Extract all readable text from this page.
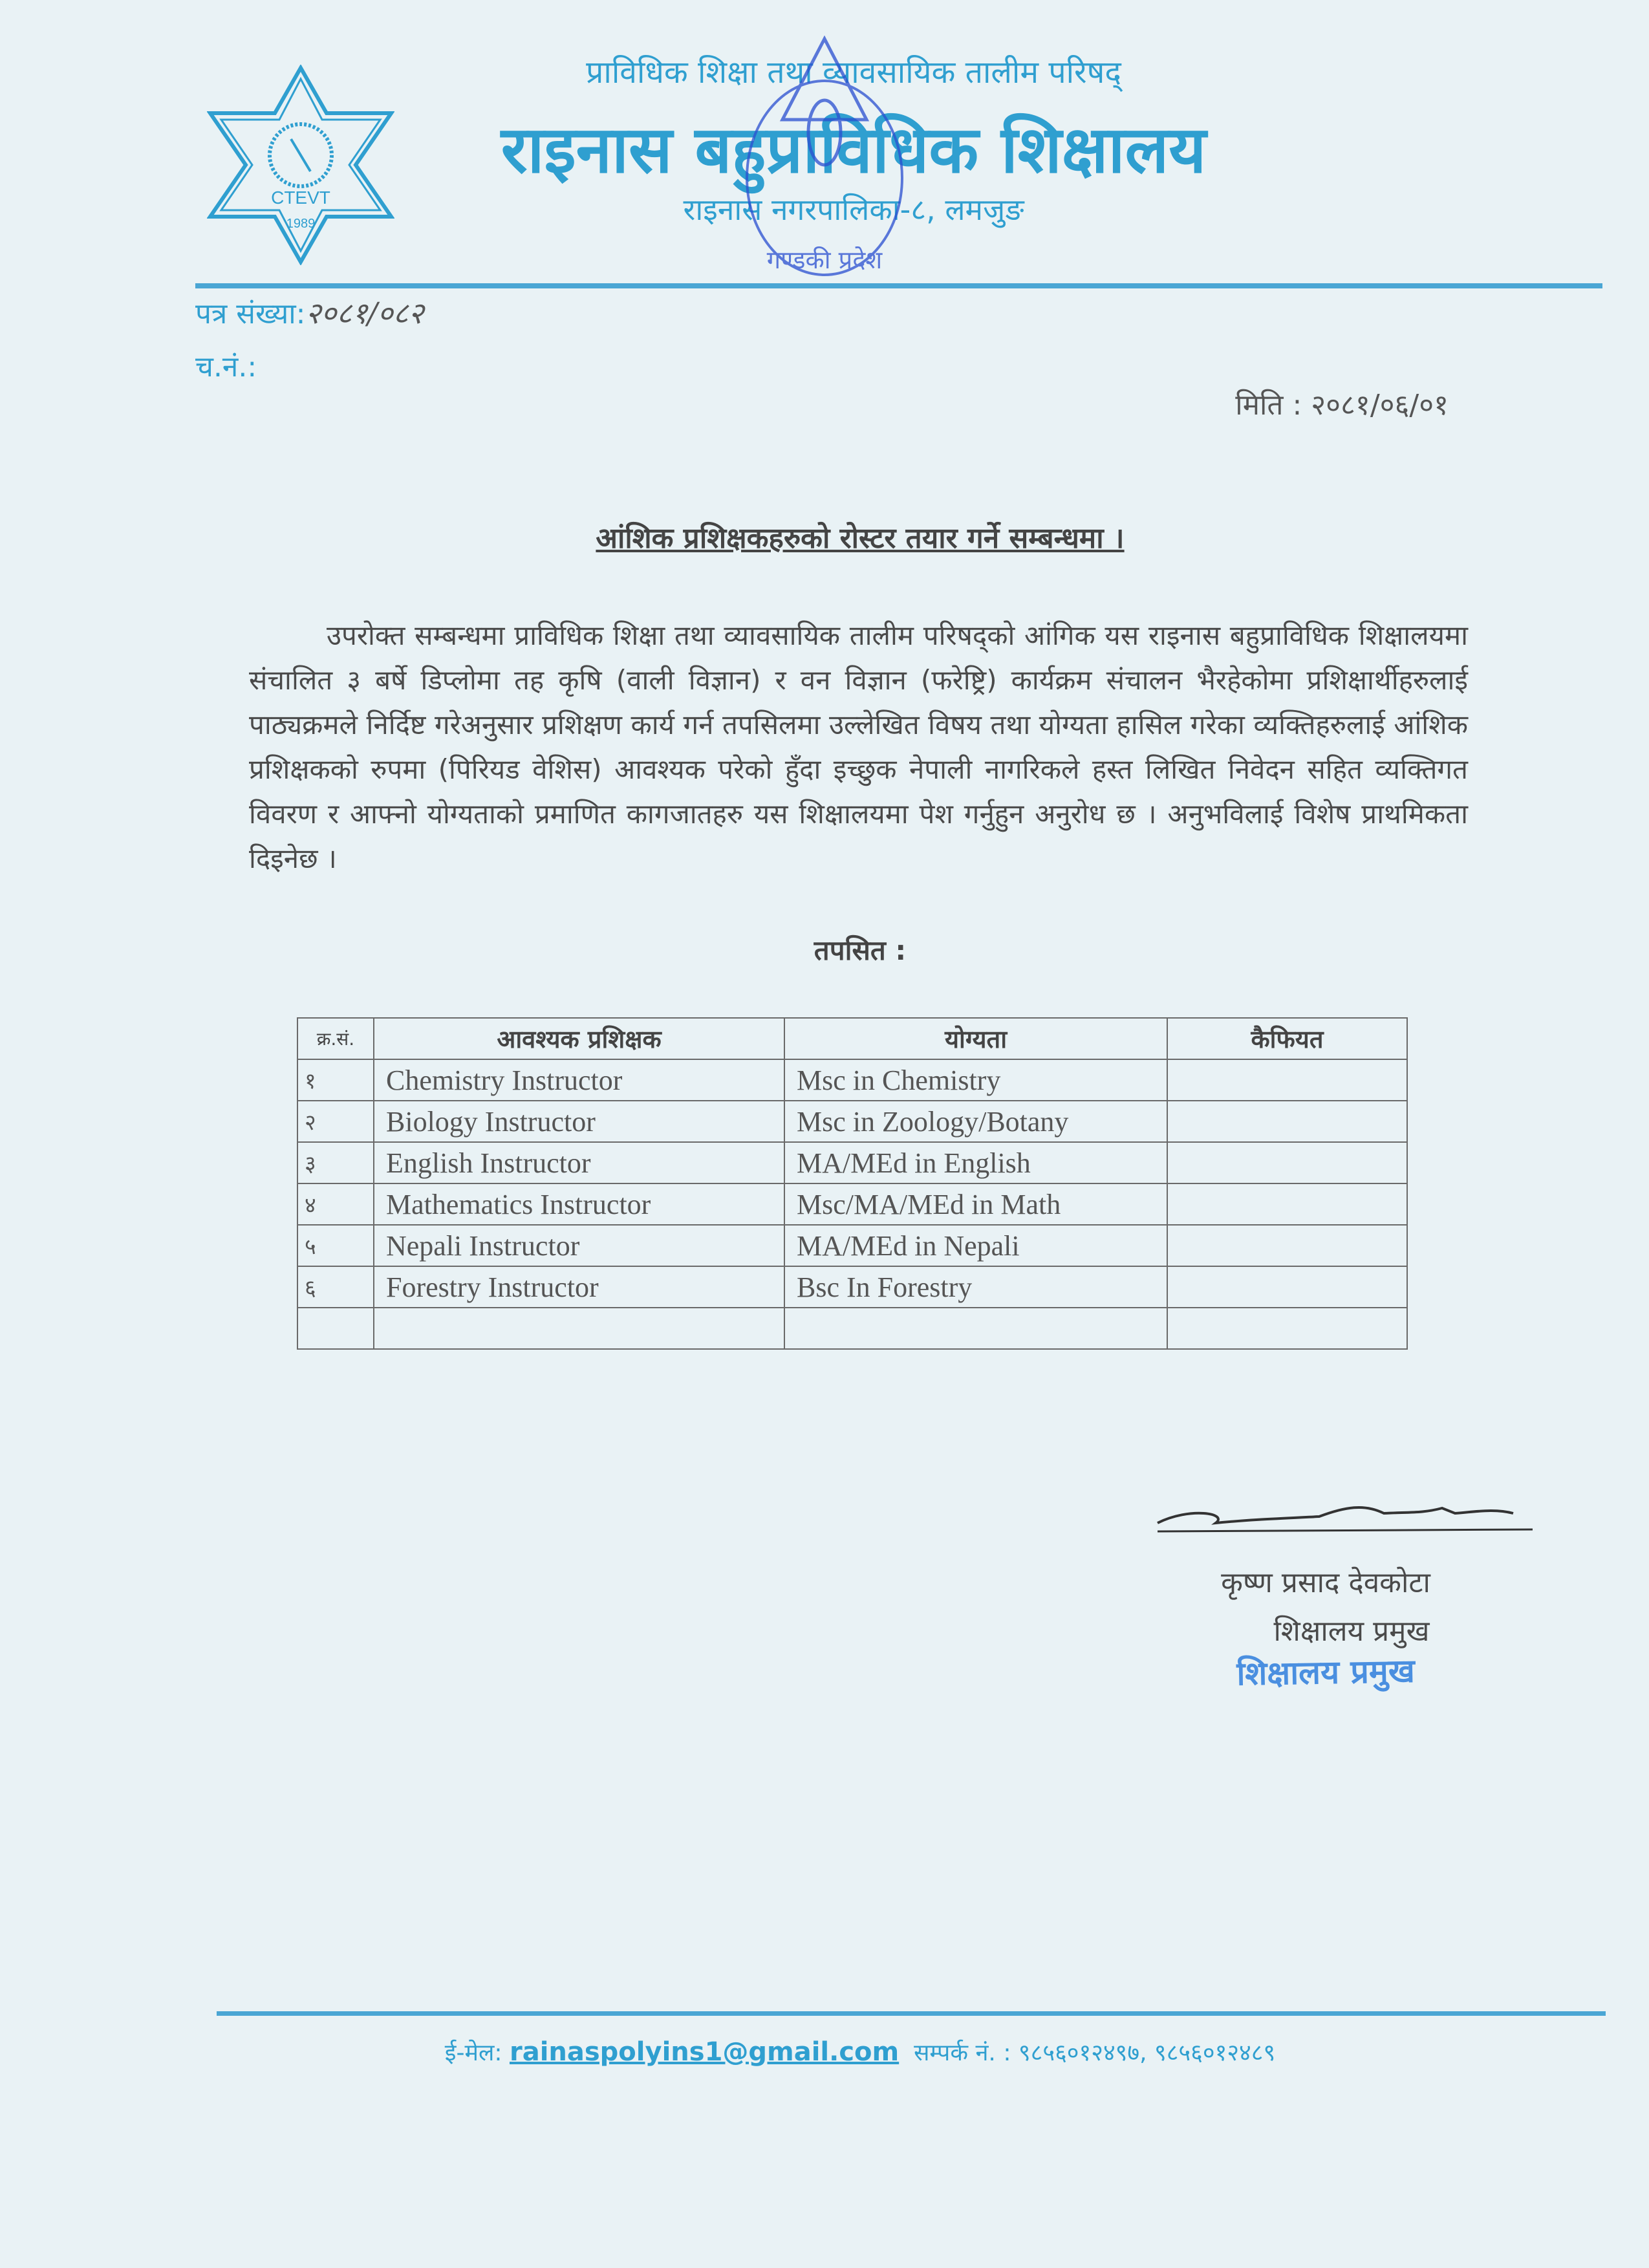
CTEVT
1989
प्राविधिक शिक्षा तथा व्यावसायिक तालीम परिषद्
राइनास बहुप्राविधिक शिक्षालय
राइनास नगरपालिका-८, लमजुङ
गण्डकी प्रदेश
पत्र संख्या:२०८१/०८२
च.नं.:
मिति : २०८१/०६/०१
आंशिक प्रशिक्षकहरुको रोस्टर तयार गर्ने सम्बन्धमा ।
उपरोक्त सम्बन्धमा प्राविधिक शिक्षा तथा व्यावसायिक तालीम परिषद्को आंगिक यस राइनास बहुप्राविधिक शिक्षालयमा संचालित ३ बर्षे डिप्लोमा तह कृषि (वाली विज्ञान) र वन विज्ञान (फरेष्ट्रि) कार्यक्रम संचालन भैरहेकोमा प्रशिक्षार्थीहरुलाई पाठ्यक्रमले निर्दिष्ट गरेअनुसार प्रशिक्षण कार्य गर्न तपसिलमा उल्लेखित विषय तथा योग्यता हासिल गरेका व्यक्तिहरुलाई आंशिक प्रशिक्षकको रुपमा (पिरियड वेशिस) आवश्यक परेको हुँदा इच्छुक नेपाली नागरिकले हस्त लिखित निवेदन सहित व्यक्तिगत विवरण र आफ्नो योग्यताको प्रमाणित कागजातहरु यस शिक्षालयमा पेश गर्नुहुन अनुरोध छ । अनुभविलाई विशेष प्राथमिकता दिइनेछ ।
तपसित :
क्र.सं.	आवश्यक प्रशिक्षक	योग्यता	कैफियत
१	Chemistry Instructor	Msc in Chemistry	
२	Biology Instructor	Msc in Zoology/Botany	
३	English Instructor	MA/MEd in English	
४	Mathematics Instructor	Msc/MA/MEd in Math	
५	Nepali Instructor	MA/MEd in Nepali	
६	Forestry Instructor	Bsc In Forestry	

कृष्ण प्रसाद देवकोटा
शिक्षालय प्रमुख
शिक्षालय प्रमुख
ई-मेल: rainaspolyins1@gmail.com सम्पर्क नं. : ९८५६०१२४९७, ९८५६०१२४८९
